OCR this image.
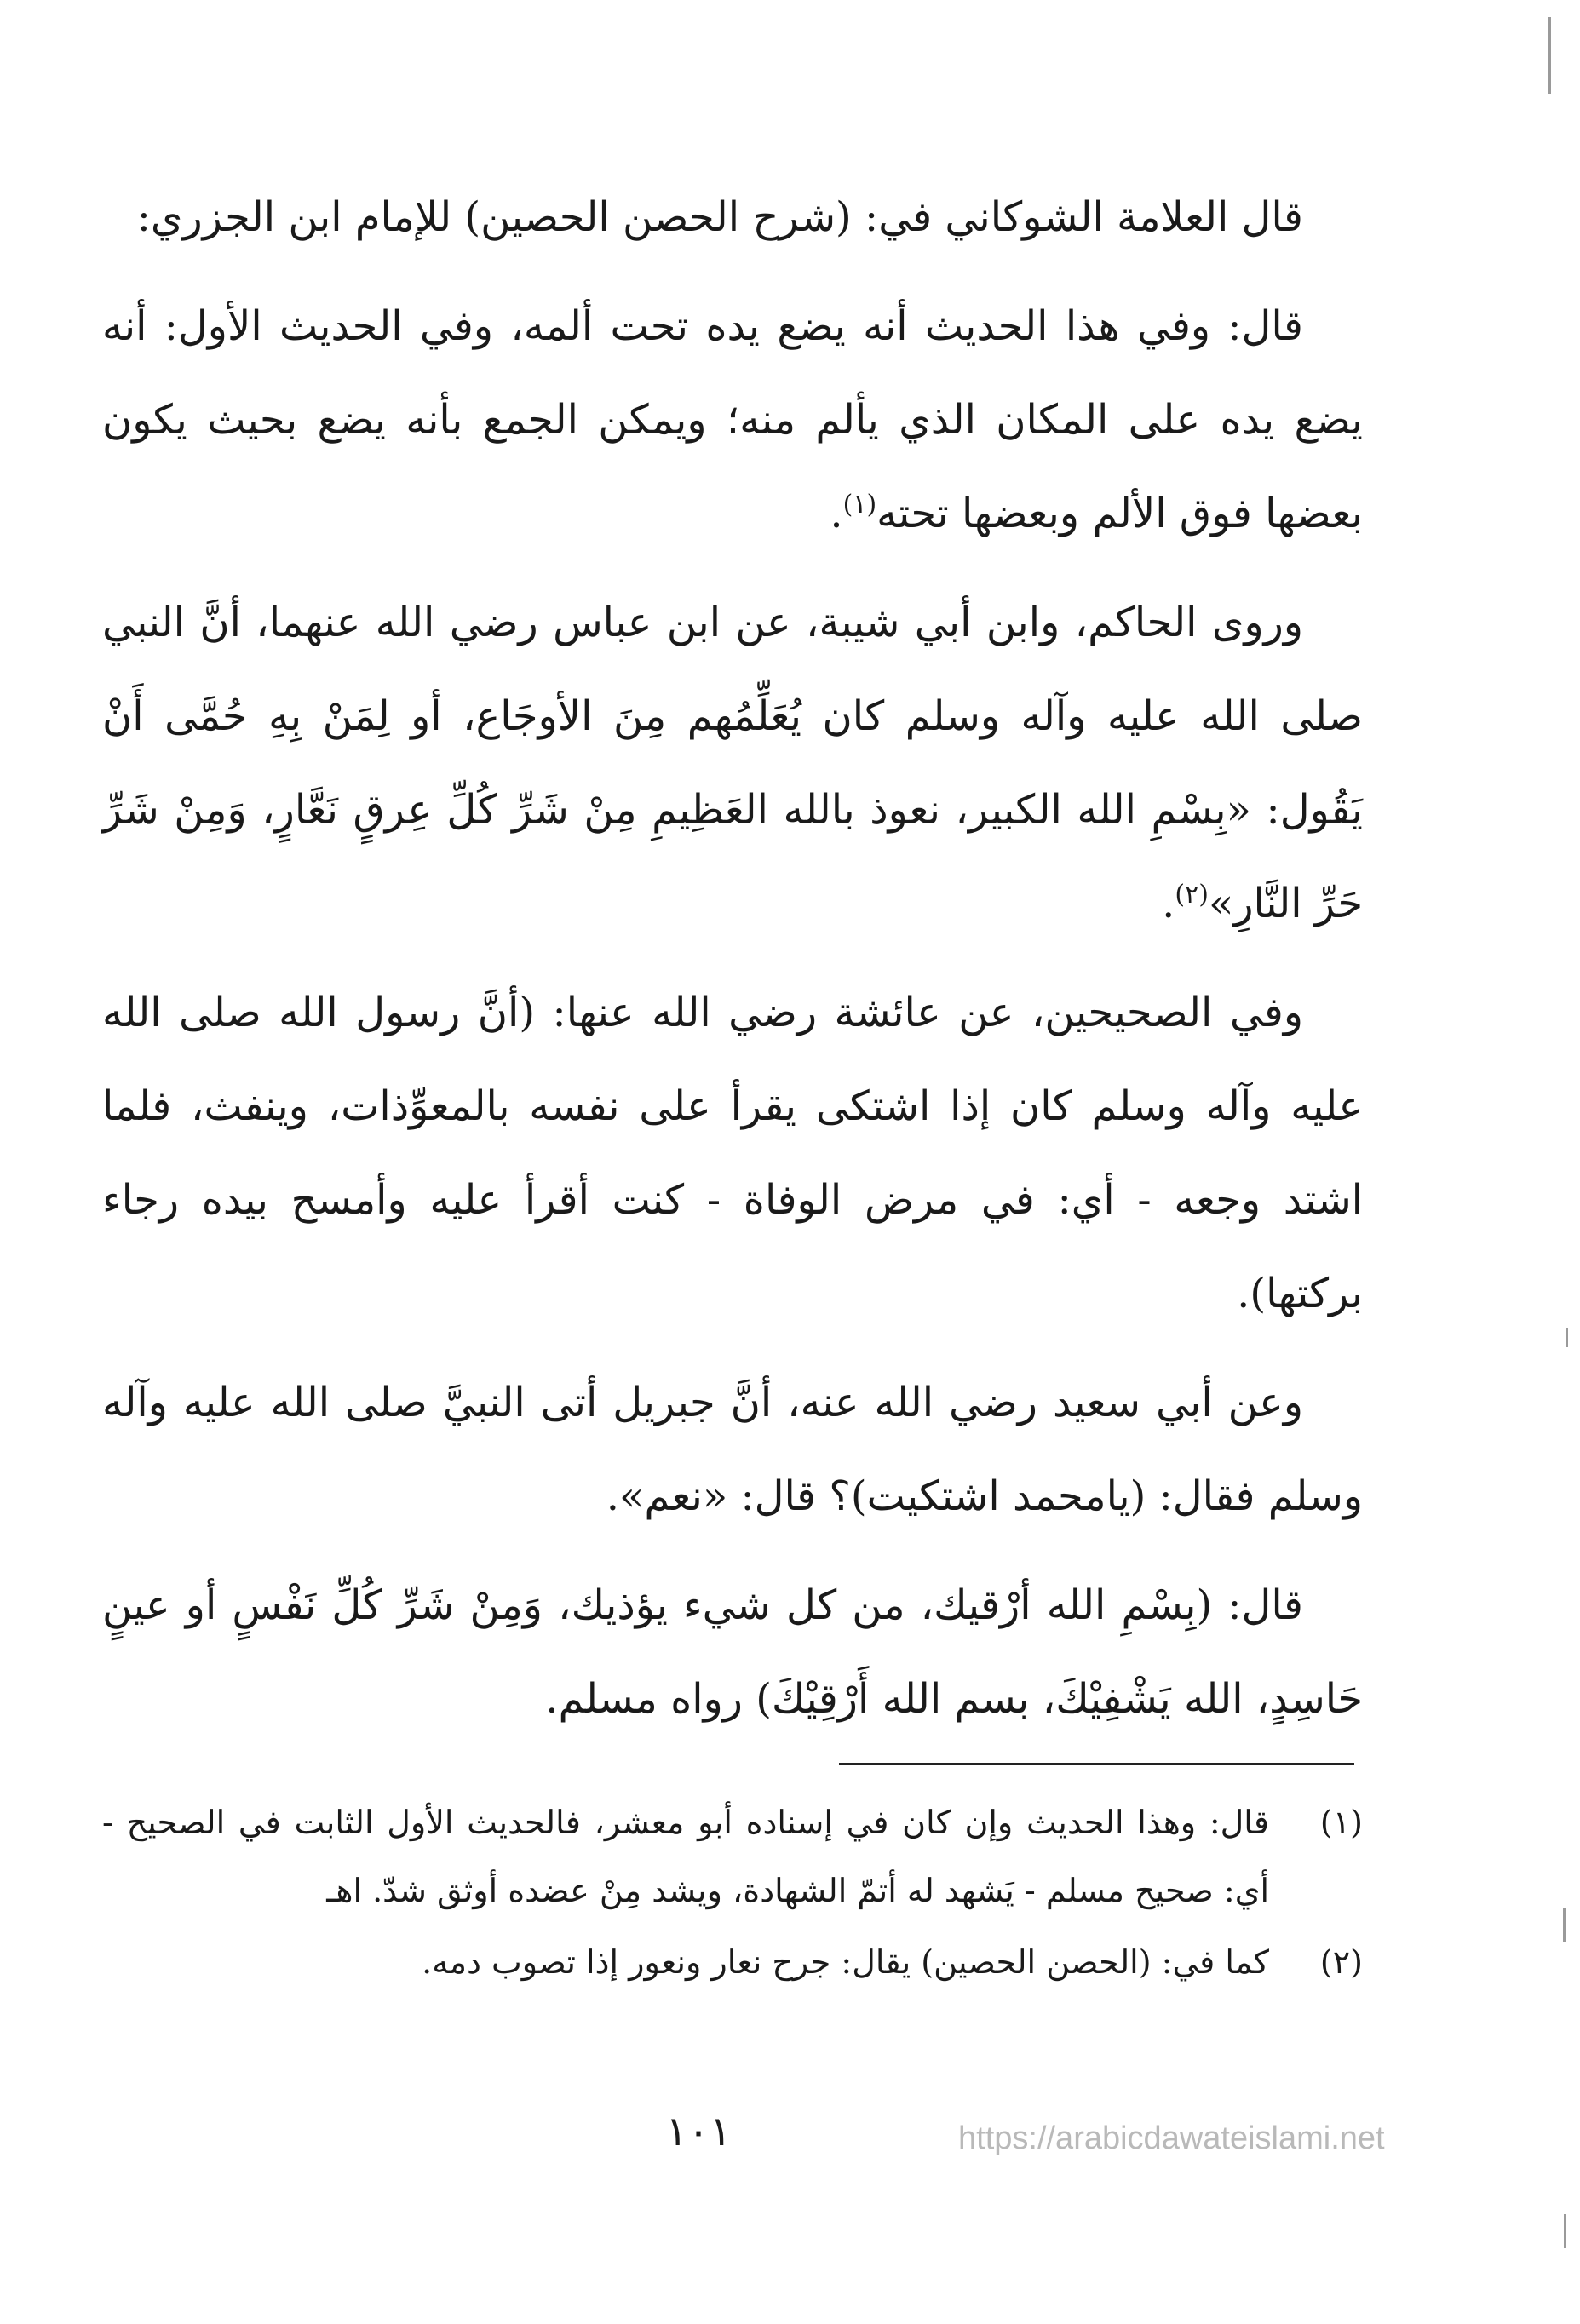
قال العلامة الشوكاني في: (شرح الحصن الحصين) للإمام ابن الجزري:

قال: وفي هذا الحديث أنه يضع يده تحت ألمه، وفي الحديث الأول: أنه يضع يده على المكان الذي يألم منه؛ ويمكن الجمع بأنه يضع بحيث يكون بعضها فوق الألم وبعضها تحته$^{(١)}$.

وروى الحاكم، وابن أبي شيبة، عن ابن عباس رضي الله عنهما، أنَّ النبي صلى الله عليه وآله وسلم كان يُعَلِّمُهم مِنَ الأوجَاع، أو لِمَنْ بِهِ حُمَّى أَنْ يَقُول: «بِسْمِ الله الكبير، نعوذ بالله العَظِيمِ مِنْ شَرِّ كُلِّ عِرقٍ نَعَّارٍ، وَمِنْ شَرِّ حَرِّ النَّارِ»$^{(٢)}$.

وفي الصحيحين، عن عائشة رضي الله عنها: (أنَّ رسول الله صلى الله عليه وآله وسلم كان إذا اشتكى يقرأ على نفسه بالمعوِّذات، وينفث، فلما اشتد وجعه - أي: في مرض الوفاة - كنت أقرأ عليه وأمسح بيده رجاء بركتها).

وعن أبي سعيد رضي الله عنه، أنَّ جبريل أتى النبيَّ صلى الله عليه وآله وسلم فقال: (يامحمد اشتكيت)؟ قال: «نعم».

قال: (بِسْمِ الله أرْقيك، من كل شيء يؤذيك، وَمِنْ شَرِّ كُلِّ نَفْسٍ أو عينٍ حَاسِدٍ، الله يَشْفِيْكَ، بسم الله أَرْقِيْكَ) رواه مسلم.

(١)
قال: وهذا الحديث وإن كان في إسناده أبو معشر، فالحديث الأول الثابت في الصحيح - أي: صحيح مسلم - يَشهد له أتمّ الشهادة، ويشد مِنْ عضده أوثق شدّ. اهـ

(٢)
كما في: (الحصن الحصين) يقال: جرح نعار ونعور إذا تصوب دمه.

١٠١	https://arabicdawateislami.net
